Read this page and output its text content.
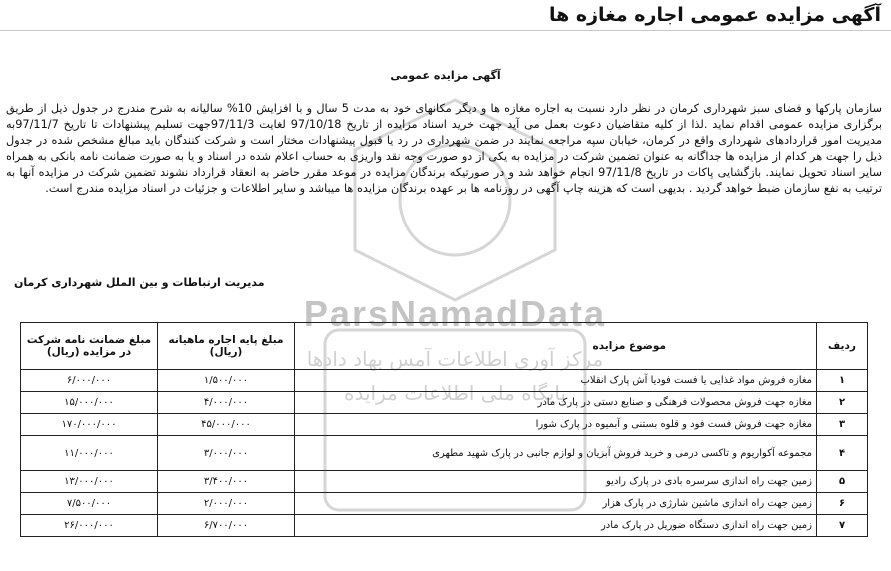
آگهی مزایده عمومی اجاره مغازه ها
ParsNamadData
مرکز آوری اطلاعات آمس بهاد دادها
پایگاه ملی اطلاعات مزایده
آگهی مزایده عمومی
سازمان پارکها و فضای سبز شهرداری کرمان در نظر دارد نسبت به اجاره مغازه ها و دیگر مکانهای خود به مدت 5 سال و با افزایش 10% سالیانه به شرح مندرج در جدول ذیل از طریق برگزاری مزایده عمومی اقدام نماید .لذا از کلیه متقاضیان دعوت بعمل می آید جهت خرید اسناد مزایده از تاریخ 97/10/18 لغایت 97/11/3جهت تسلیم پیشنهادات تا تاریخ 97/11/7به مدیریت امور قراردادهای شهرداری واقع در کرمان، خیابان سپه مراجعه نمایند در ضمن شهرداری در رد یا قبول پیشنهادات مختار است و شرکت کنندگان باید مبالغ مشخص شده در جدول ذیل را جهت هر کدام از مزایده ها جداگانه به عنوان تضمین شرکت در مزایده به یکی از دو صورت وجه نقد واریزی به حساب اعلام شده در اسناد و یا به صورت ضمانت نامه بانکی به همراه سایر اسناد تحویل نمایند. بازگشایی پاکات در تاریخ 97/11/8 انجام خواهد شد و در صورتیکه برندگان مزایده در موعد مقرر حاضر به انعقاد قرارداد نشوند تضمین شرکت در مزایده آنها به ترتیب به نفع سازمان ضبط خواهد گردید . بدیهی است که هزینه چاپ آگهی در روزنامه ها بر عهده برندگان مزایده ها میباشد و سایر اطلاعات و جزئیات در اسناد مزایده مندرج است.
مدیریت ارتباطات و بین الملل شهرداری کرمان
ردیف	موضوع مزایده	مبلغ پایه اجاره ماهیانه (ریال)	مبلغ ضمانت نامه شرکت در مزایده (ریال)
۱	مغازه فروش مواد غذایی یا فست فودیا آش پارک انقلاب	۱/۵۰۰/۰۰۰	۶/۰۰۰/۰۰۰
۲	مغازه جهت فروش محصولات فرهنگی و صنایع دستی در پارک مادر	۴/۰۰۰/۰۰۰	۱۵/۰۰۰/۰۰۰
۳	مغازه جهت فروش فست فود و قلوه بستنی و آبمیوه در پارک شورا	۴۵/۰۰۰/۰۰۰	۱۷۰/۰۰۰/۰۰۰
۴	مجموعه آکواریوم و تاکسی درمی و خرید فروش آبزیان و لوازم جانبی در پارک شهید مطهری	۳/۰۰۰/۰۰۰	۱۱/۰۰۰/۰۰۰
۵	زمین جهت راه اندازی سرسره بادی در پارک رادیو	۳/۴۰۰/۰۰۰	۱۳/۰۰۰/۰۰۰
۶	زمین جهت راه اندازی ماشین شارژی در پارک هزار	۲/۰۰۰/۰۰۰	۷/۵۰۰/۰۰۰
۷	زمین جهت راه اندازی دستگاه ضوریل در پارک مادر	۶/۷۰۰/۰۰۰	۲۶/۰۰۰/۰۰۰
